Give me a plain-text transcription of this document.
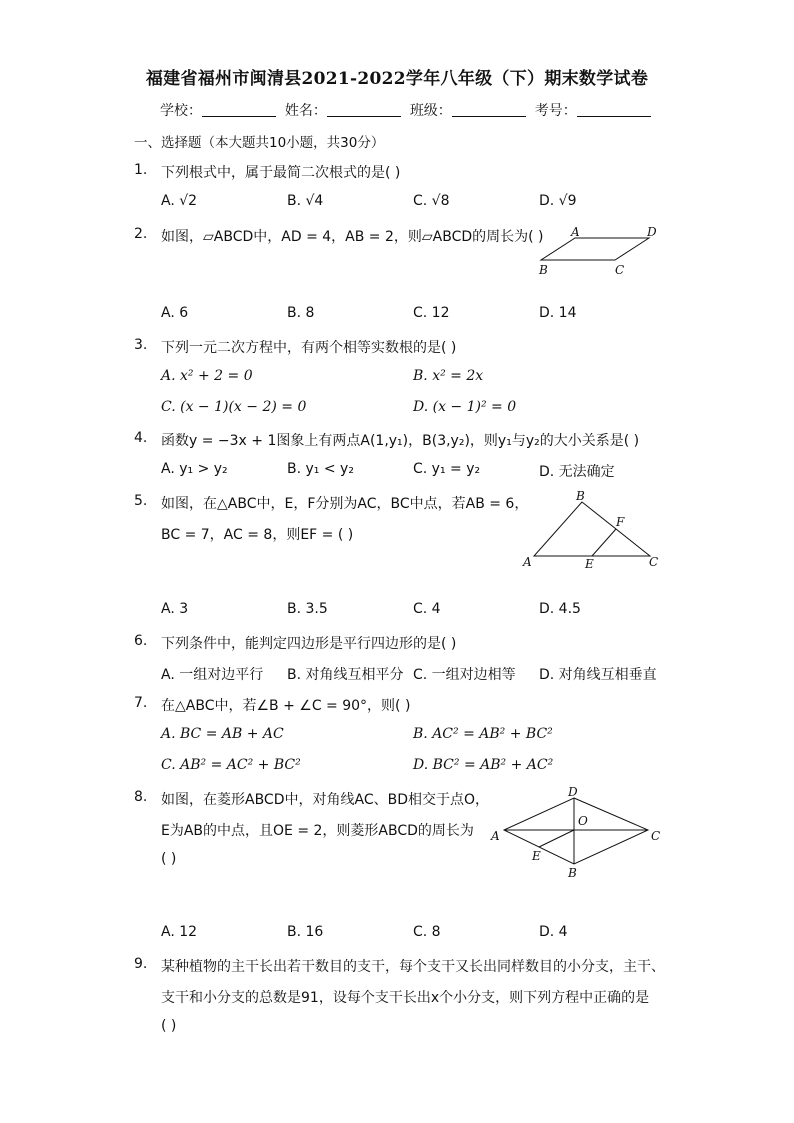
福建省福州市闽清县2021-2022学年八年级（下）期末数学试卷
学校：	姓名：	班级：	考号：
一、选择题（本大题共10小题，共30分）
1. 下列根式中，属于最简二次根式的是( )
A. √2	B. √4	C. √8	D. √9
2. 如图，▱ABCD中，AD = 4，AB = 2，则▱ABCD的周长为( ) A	D
B	C
A. 6	B. 8	C. 12	D. 14
3. 下列一元二次方程中，有两个相等实数根的是( )
A. x² + 2 = 0	B. x² = 2x
C. (x − 1)(x − 2) = 0	D. (x − 1)² = 0
4. 函数y = −3x + 1图象上有两点A(1,y₁)，B(3,y₂)，则y₁与y₂的大小关系是( )
A. y₁ > y₂	B. y₁ < y₂	C. y₁ = y₂	D. 无法确定
5. 如图，在△ABC中，E，F分别为AC，BC中点，若AB = 6，
BC = 7，AC = 8，则EF = ( )
B
F
A	E	C
A. 3	B. 3.5	C. 4	D. 4.5
6. 下列条件中，能判定四边形是平行四边形的是( )
A. 一组对边平行 B. 对角线互相平分 C. 一组对边相等 D. 对角线互相垂直
7. 在△ABC中，若∠B + ∠C = 90°，则( )
A. BC = AB + AC	B. AC² = AB² + BC²
C. AB² = AC² + BC²	D. BC² = AB² + AC²
8. 如图，在菱形ABCD中，对角线AC、BD相交于点O，
E为AB的中点，且OE = 2，则菱形ABCD的周长为
( )
D
O
A	C
E
B
A. 12	B. 16	C. 8	D. 4
9. 某种植物的主干长出若干数目的支干，每个支干又长出同样数目的小分支，主干、
支干和小分支的总数是91，设每个支干长出x个小分支，则下列方程中正确的是
( )
